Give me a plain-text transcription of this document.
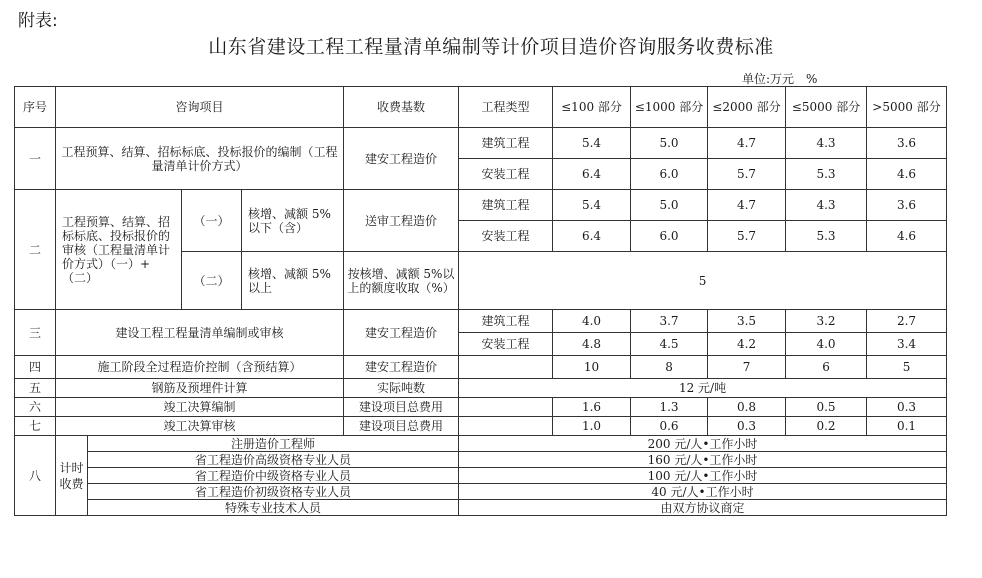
附表:
山东省建设工程工程量清单编制等计价项目造价咨询服务收费标准
单位:万元　%
序号	咨询项目				收费基数	工程类型	≤100 部分	≤1000 部分	≤2000 部分	≤5000 部分	>5000 部分
一	工程预算、结算、招标标底、投标报价的编制（工程量清单计价方式）				建安工程造价	建筑工程	5.4	5.0	4.7	4.3	3.6
						安装工程	6.4	6.0	5.7	5.3	4.6
二	工程预算、结算、招标标底、投标报价的审核（工程量清单计价方式）（一）+（二）		（一）	核增、减额 5%以下（含）	送审工程造价	建筑工程	5.4	5.0	4.7	4.3	3.6
						安装工程	6.4	6.0	5.7	5.3	4.6
			（二）	核增、减额 5%以上	按核增、减额 5%以上的额度收取（%）	5					
三	建设工程工程量清单编制或审核				建安工程造价	建筑工程	4.0	3.7	3.5	3.2	2.7
						安装工程	4.8	4.5	4.2	4.0	3.4
四	施工阶段全过程造价控制（含预结算）				建安工程造价		10	8	7	6	5
五	钢筋及预埋件计算				实际吨数	12 元/吨					
六	竣工决算编制				建设项目总费用		1.6	1.3	0.8	0.5	0.3
七	竣工决算审核				建设项目总费用		1.0	0.6	0.3	0.2	0.1
八	计时收费	注册造价工程师				200 元/人•工作小时					
		省工程造价高级资格专业人员				160 元/人•工作小时					
		省工程造价中级资格专业人员				100 元/人•工作小时					
		省工程造价初级资格专业人员				40 元/人•工作小时					
		特殊专业技术人员				由双方协议商定					
